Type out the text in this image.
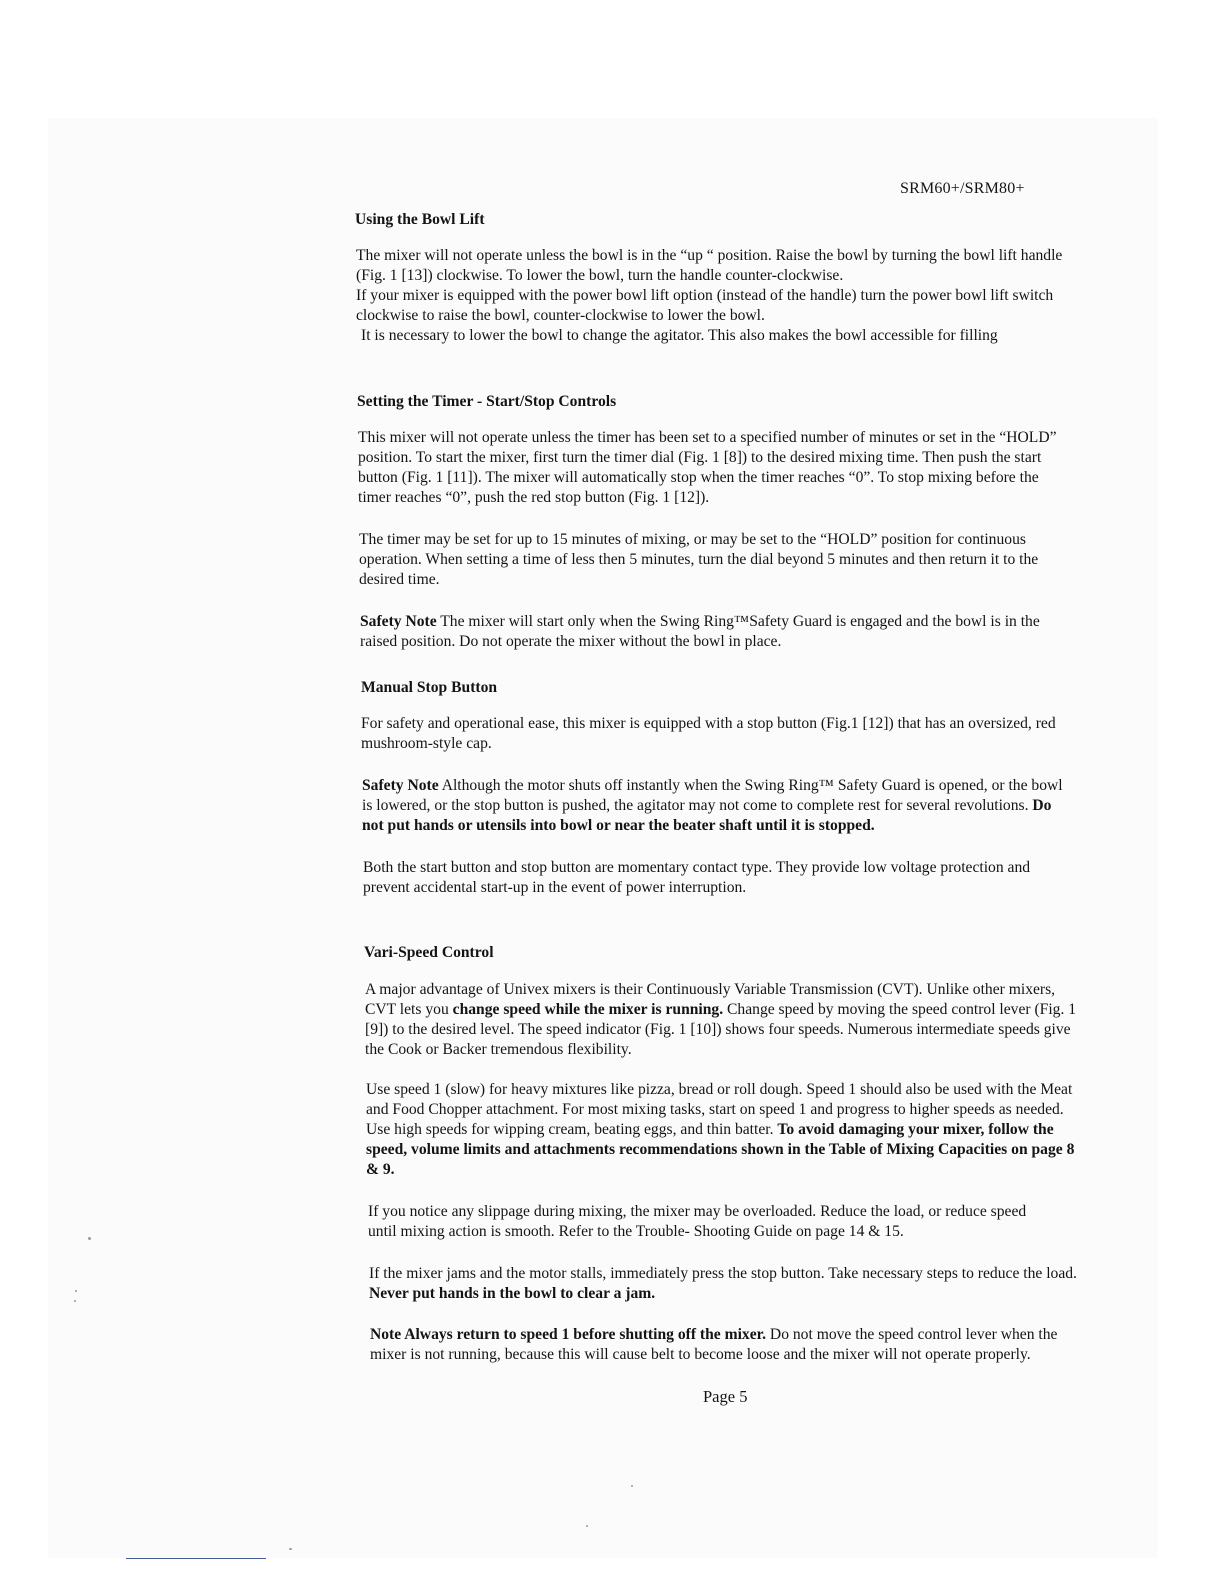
SRM60+/SRM80+
Using the Bowl Lift
The mixer will not operate unless the bowl is in the “up “ position. Raise the bowl by turning the bowl lift handle (Fig. 1 [13]) clockwise. To lower the bowl, turn the handle counter-clockwise.
If your mixer is equipped with the power bowl lift option (instead of the handle) turn the power bowl lift switch clockwise to raise the bowl, counter-clockwise to lower the bowl.
It is necessary to lower the bowl to change the agitator. This also makes the bowl accessible for filling
Setting the Timer - Start/Stop Controls
This mixer will not operate unless the timer has been set to a specified number of minutes or set in the “HOLD” position. To start the mixer, first turn the timer dial (Fig. 1 [8]) to the desired mixing time. Then push the start button (Fig. 1 [11]). The mixer will automatically stop when the timer reaches “0”. To stop mixing before the timer reaches “0”, push the red stop button (Fig. 1 [12]).
The timer may be set for up to 15 minutes of mixing, or may be set to the “HOLD” position for continuous operation. When setting a time of less then 5 minutes, turn the dial beyond 5 minutes and then return it to the desired time.
Safety Note The mixer will start only when the Swing Ring™Safety Guard is engaged and the bowl is in the raised position. Do not operate the mixer without the bowl in place.
Manual Stop Button
For safety and operational ease, this mixer is equipped with a stop button (Fig.1 [12]) that has an oversized, red mushroom-style cap.
Safety Note Although the motor shuts off instantly when the Swing Ring™ Safety Guard is opened, or the bowl is lowered, or the stop button is pushed, the agitator may not come to complete rest for several revolutions. Do not put hands or utensils into bowl or near the beater shaft until it is stopped.
Both the start button and stop button are momentary contact type. They provide low voltage protection and prevent accidental start-up in the event of power interruption.
Vari-Speed Control
A major advantage of Univex mixers is their Continuously Variable Transmission (CVT). Unlike other mixers, CVT lets you change speed while the mixer is running. Change speed by moving the speed control lever (Fig. 1 [9]) to the desired level. The speed indicator (Fig. 1 [10]) shows four speeds. Numerous intermediate speeds give the Cook or Backer tremendous flexibility.
Use speed 1 (slow) for heavy mixtures like pizza, bread or roll dough. Speed 1 should also be used with the Meat and Food Chopper attachment. For most mixing tasks, start on speed 1 and progress to higher speeds as needed. Use high speeds for wipping cream, beating eggs, and thin batter. To avoid damaging your mixer, follow the speed, volume limits and attachments recommendations shown in the Table of Mixing Capacities on page 8 & 9.
If you notice any slippage during mixing, the mixer may be overloaded. Reduce the load, or reduce speed until mixing action is smooth. Refer to the Trouble- Shooting Guide on page 14 & 15.
If the mixer jams and the motor stalls, immediately press the stop button. Take necessary steps to reduce the load. Never put hands in the bowl to clear a jam.
Note Always return to speed 1 before shutting off the mixer. Do not move the speed control lever when the mixer is not running, because this will cause belt to become loose and the mixer will not operate properly.
Page 5
